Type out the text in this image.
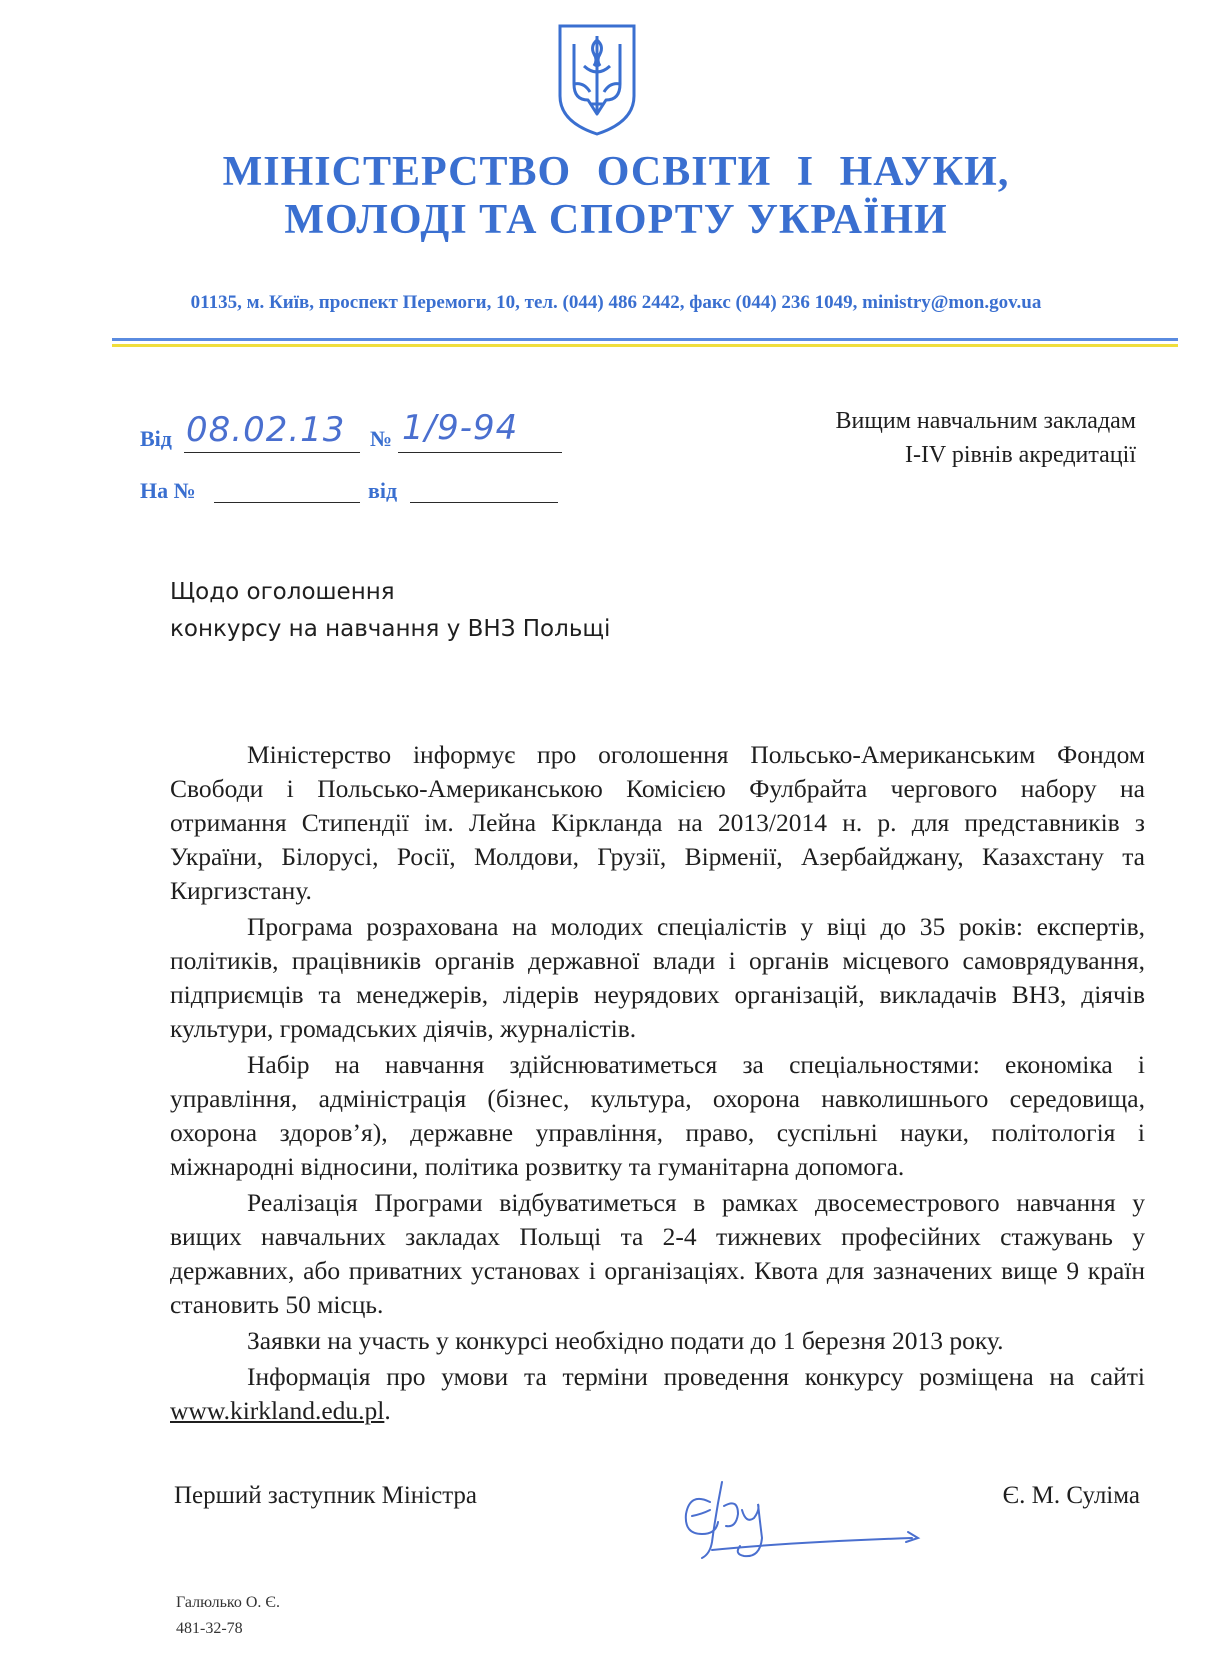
МІНІСТЕРСТВО ОСВІТИ І НАУКИ,
МОЛОДІ ТА СПОРТУ УКРАЇНИ
01135, м. Київ, проспект Перемоги, 10, тел. (044) 486 2442, факс (044) 236 1049, ministry@mon.gov.ua
Від 08.02.13 № 1/9-94
На №	від
Вищим навчальним закладам
І-ІV рівнів акредитації
Щодо оголошення
конкурсу на навчання у ВНЗ Польщі

Міністерство інформує про оголошення Польсько-Американським Фондом Свободи і Польсько-Американською Комісією Фулбрайта чергового набору на отримання Стипендії ім. Лейна Кіркланда на 2013/2014 н. р. для представників з України, Білорусі, Росії, Молдови, Грузії, Вірменії, Азербайджану, Казахстану та Киргизстану.

Програма розрахована на молодих спеціалістів у віці до 35 років: експертів, політиків, працівників органів державної влади і органів місцевого самоврядування, підприємців та менеджерів, лідерів неурядових організацій, викладачів ВНЗ, діячів культури, громадських діячів, журналістів.

Набір на навчання здійснюватиметься за спеціальностями: економіка і управління, адміністрація (бізнес, культура, охорона навколишнього середовища, охорона здоров’я), державне управління, право, суспільні науки, політологія і міжнародні відносини, політика розвитку та гуманітарна допомога.

Реалізація Програми відбуватиметься в рамках двосеместрового навчання у вищих навчальних закладах Польщі та 2-4 тижневих професійних стажувань у державних, або приватних установах і організаціях. Квота для зазначених вище 9 країн становить 50 місць.

Заявки на участь у конкурсі необхідно подати до 1 березня 2013 року.

Інформація про умови та терміни проведення конкурсу розміщена на сайті www.kirkland.edu.pl.

Перший заступник Міністра	Є. М. Суліма
Галюлько О. Є.
481-32-78
